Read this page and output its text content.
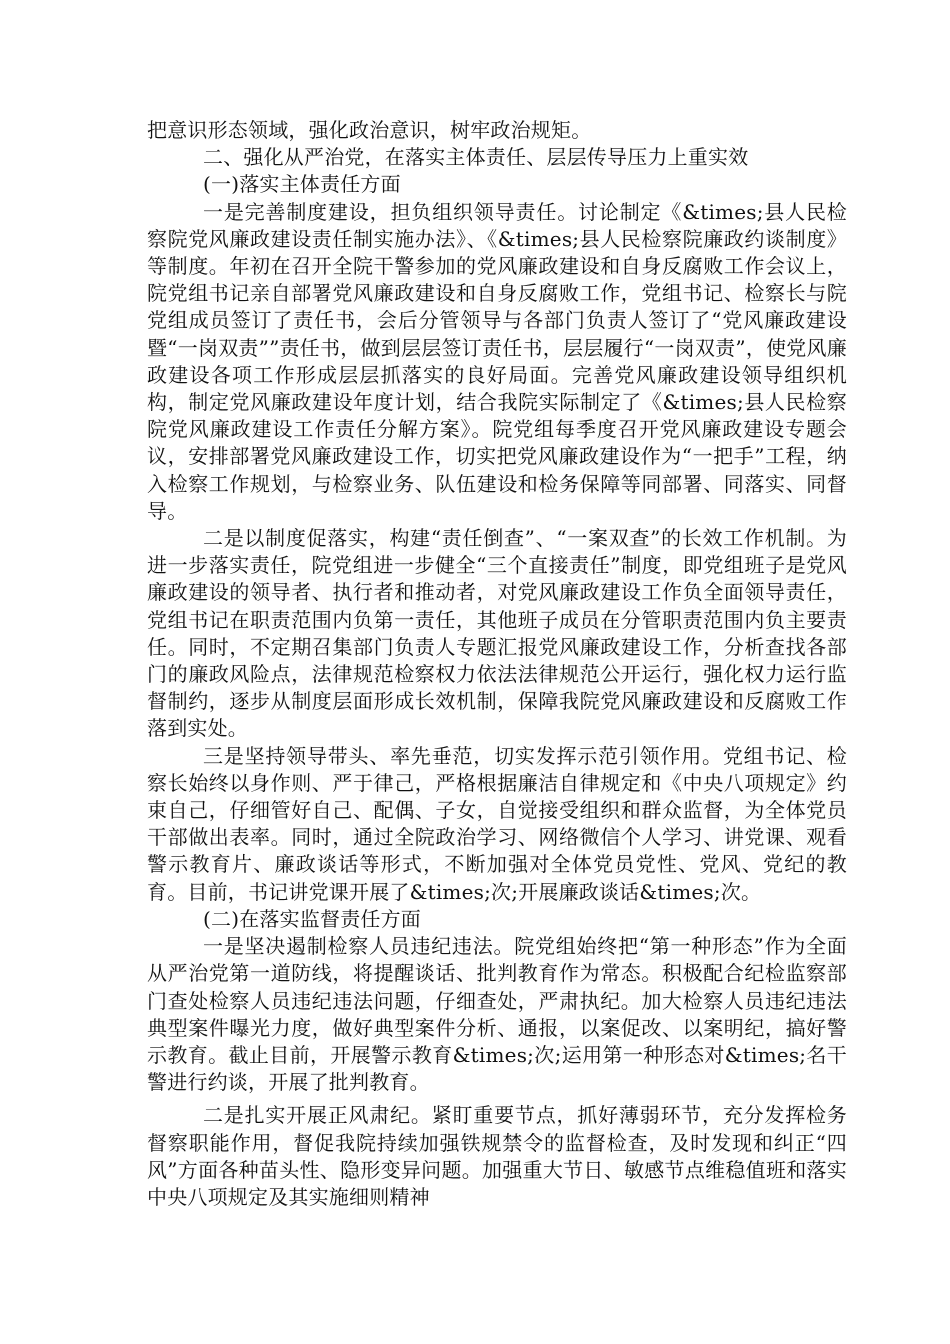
把意识形态领域，强化政治意识，树牢政治规矩。

二、强化从严治党，在落实主体责任、层层传导压力上重实效

(一)落实主体责任方面

一是完善制度建设，担负组织领导责任。讨论制定《&times;县人民检察院党风廉政建设责任制实施办法》、《&times;县人民检察院廉政约谈制度》等制度。年初在召开全院干警参加的党风廉政建设和自身反腐败工作会议上，院党组书记亲自部署党风廉政建设和自身反腐败工作，党组书记、检察长与院党组成员签订了责任书，会后分管领导与各部门负责人签订了“党风廉政建设暨“一岗双责””责任书，做到层层签订责任书，层层履行“一岗双责”，使党风廉政建设各项工作形成层层抓落实的良好局面。完善党风廉政建设领导组织机构，制定党风廉政建设年度计划，结合我院实际制定了《&times;县人民检察院党风廉政建设工作责任分解方案》。院党组每季度召开党风廉政建设专题会议，安排部署党风廉政建设工作，切实把党风廉政建设作为“一把手”工程，纳入检察工作规划，与检察业务、队伍建设和检务保障等同部署、同落实、同督导。

二是以制度促落实，构建“责任倒查”、“一案双查”的长效工作机制。为进一步落实责任，院党组进一步健全“三个直接责任”制度，即党组班子是党风廉政建设的领导者、执行者和推动者，对党风廉政建设工作负全面领导责任，党组书记在职责范围内负第一责任，其他班子成员在分管职责范围内负主要责任。同时，不定期召集部门负责人专题汇报党风廉政建设工作，分析查找各部门的廉政风险点，法律规范检察权力依法法律规范公开运行，强化权力运行监督制约，逐步从制度层面形成长效机制，保障我院党风廉政建设和反腐败工作落到实处。

三是坚持领导带头、率先垂范，切实发挥示范引领作用。党组书记、检察长始终以身作则、严于律己，严格根据廉洁自律规定和《中央八项规定》约束自己，仔细管好自己、配偶、子女，自觉接受组织和群众监督，为全体党员干部做出表率。同时，通过全院政治学习、网络微信个人学习、讲党课、观看警示教育片、廉政谈话等形式，不断加强对全体党员党性、党风、党纪的教育。目前，书记讲党课开展了&times;次;开展廉政谈话&times;次。

(二)在落实监督责任方面

一是坚决遏制检察人员违纪违法。院党组始终把“第一种形态”作为全面从严治党第一道防线，将提醒谈话、批判教育作为常态。积极配合纪检监察部门查处检察人员违纪违法问题，仔细查处，严肃执纪。加大检察人员违纪违法典型案件曝光力度，做好典型案件分析、通报，以案促改、以案明纪，搞好警示教育。截止目前，开展警示教育&times;次;运用第一种形态对&times;名干警进行约谈，开展了批判教育。

二是扎实开展正风肃纪。紧盯重要节点，抓好薄弱环节，充分发挥检务督察职能作用，督促我院持续加强铁规禁令的监督检查，及时发现和纠正“四风”方面各种苗头性、隐形变异问题。加强重大节日、敏感节点维稳值班和落实中央八项规定及其实施细则精神
